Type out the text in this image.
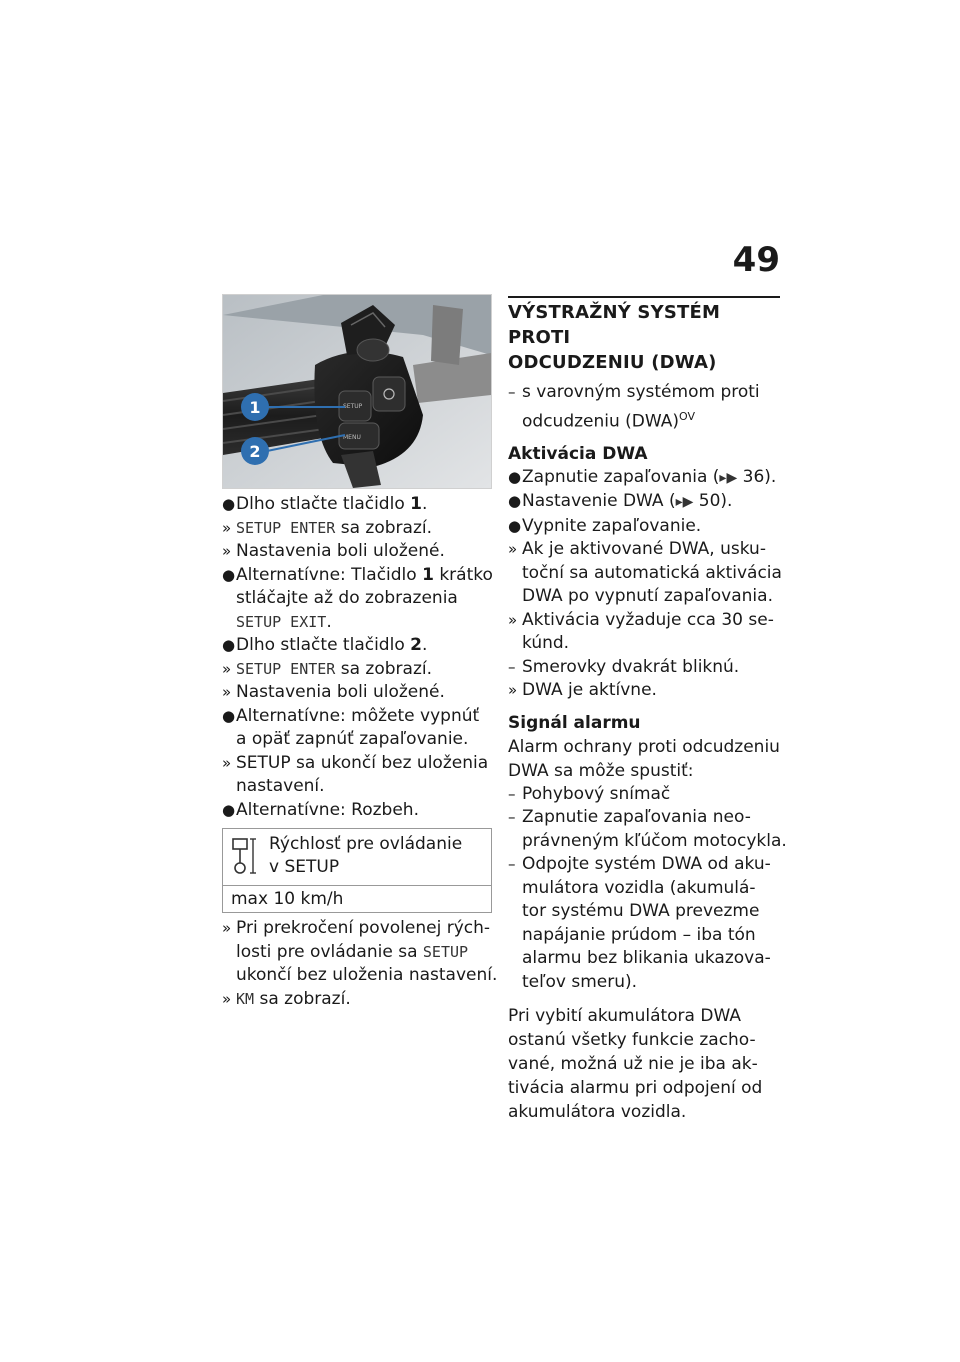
49
SETUP
MENU
1
2
● Dlho stlačte tlačidlo 1.
» SETUP ENTER sa zobrazí.
» Nastavenia boli uložené.
● Alternatívne: Tlačidlo 1 krátko
stláčajte až do zobrazenia
SETUP EXIT.
● Dlho stlačte tlačidlo 2.
» SETUP ENTER sa zobrazí.
» Nastavenia boli uložené.
● Alternatívne: môžete vypnúť
a opäť zapnúť zapaľovanie.
» SETUP sa ukončí bez uloženia
nastavení.
● Alternatívne: Rozbeh.
Rýchlosť pre ovládanie
v SETUP
max 10 km/h
» Pri prekročení povolenej rých-
losti pre ovládanie sa SETUP
ukončí bez uloženia nastavení.
» KM sa zobrazí.
VÝSTRAŽNÝ SYSTÉM PROTI
ODCUDZENIU (DWA)
– s varovným systémom proti
odcudzeniu (DWA)$^{OV}$
Aktivácia DWA
● Zapnutie zapaľovania (▸▶ 36).
● Nastavenie DWA (▸▶ 50).
● Vypnite zapaľovanie.
» Ak je aktivované DWA, usku-
toční sa automatická aktivácia
DWA po vypnutí zapaľovania.
» Aktivácia vyžaduje cca 30 se-
kúnd.
– Smerovky dvakrát bliknú.
» DWA je aktívne.
Signál alarmu
Alarm ochrany proti odcudzeniu
DWA sa môže spustiť:
– Pohybový snímač
– Zapnutie zapaľovania neo-
právneným kľúčom motocykla.
– Odpojte systém DWA od aku-
mulátora vozidla (akumulá-
tor systému DWA prevezme
napájanie prúdom – iba tón
alarmu bez blikania ukazova-
teľov smeru).
Pri vybití akumulátora DWA
ostanú všetky funkcie zacho-
vané, možná už nie je iba ak-
tivácia alarmu pri odpojení od
akumulátora vozidla.
